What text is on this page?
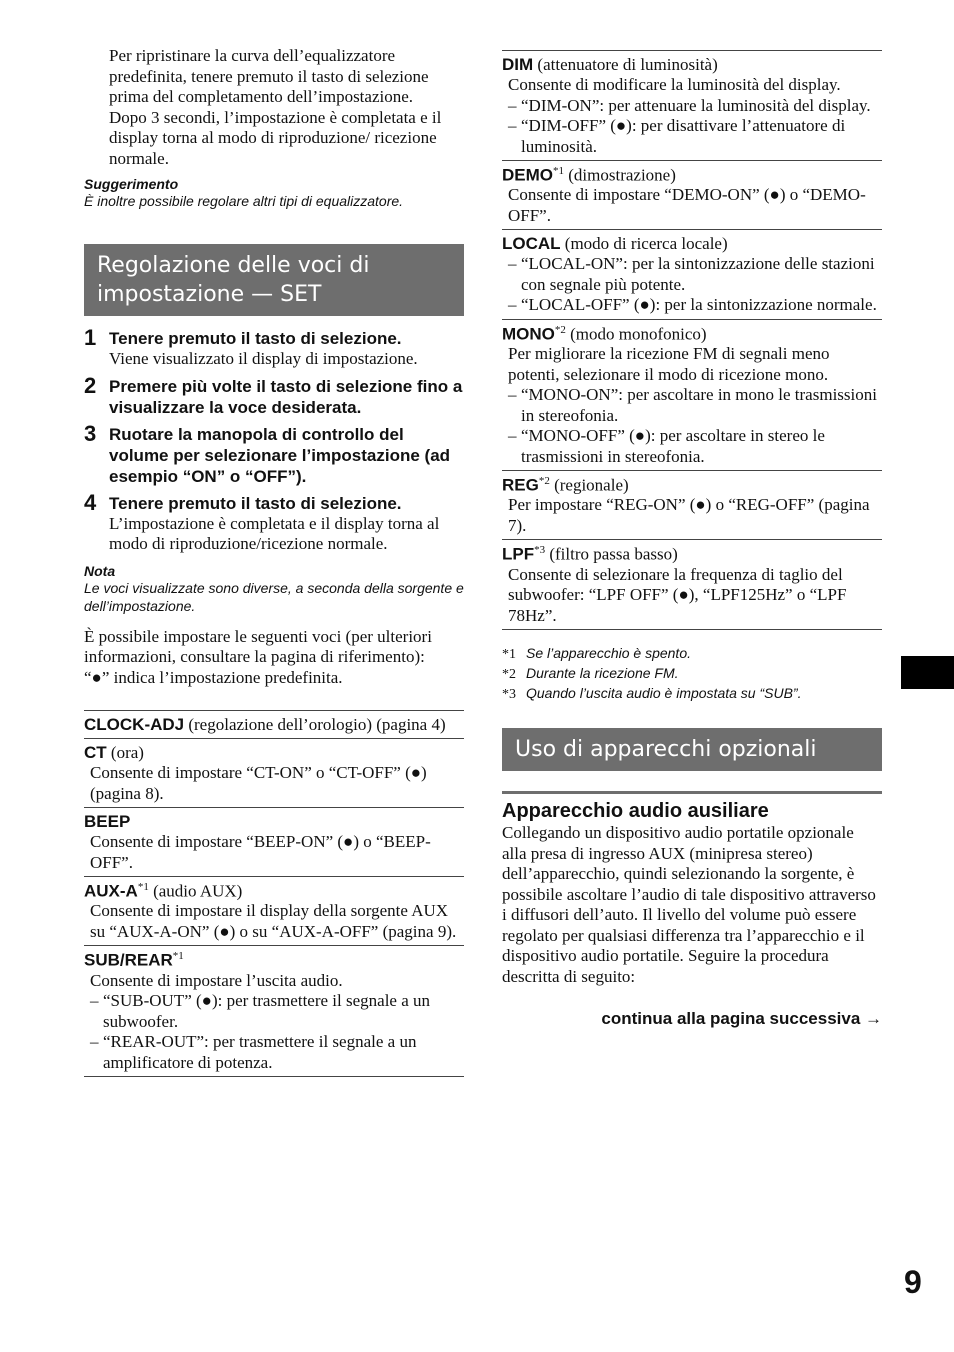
Per ripristinare la curva dell’equalizzatore predefinita, tenere premuto il tasto di selezione prima del completamento dell’impostazione.
Dopo 3 secondi, l’impostazione è completata e il display torna al modo di riproduzione/ ricezione normale.
Suggerimento
È inoltre possibile regolare altri tipi di equalizzatore.
Regolazione delle voci di impostazione — SET
1 Tenere premuto il tasto di selezione.
Viene visualizzato il display di impostazione.
2 Premere più volte il tasto di selezione fino a visualizzare la voce desiderata.
3 Ruotare la manopola di controllo del volume per selezionare l’impostazione (ad esempio “ON” o “OFF”).
4 Tenere premuto il tasto di selezione.
L’impostazione è completata e il display torna al modo di riproduzione/ricezione normale.
Nota
Le voci visualizzate sono diverse, a seconda della sorgente e dell’impostazione.
È possibile impostare le seguenti voci (per ulteriori informazioni, consultare la pagina di riferimento):
“●” indica l’impostazione predefinita.
CLOCK-ADJ (regolazione dell’orologio) (pagina 4)
CT (ora)
Consente di impostare “CT-ON” o “CT-OFF” (●) (pagina 8).
BEEP
Consente di impostare “BEEP-ON” (●) o “BEEP-OFF”.
AUX-$A^{*1}$ (audio AUX)
Consente di impostare il display della sorgente AUX su “AUX-A-ON” (●) o su “AUX-A-OFF” (pagina 9).
SUB/REAR$^{*1}$
Consente di impostare l’uscita audio.
– “SUB-OUT” (●): per trasmettere il segnale a un subwoofer.
– “REAR-OUT”: per trasmettere il segnale a un amplificatore di potenza.
DIM (attenuatore di luminosità)
Consente di modificare la luminosità del display.
– “DIM-ON”: per attenuare la luminosità del display.
– “DIM-OFF” (●): per disattivare l’attenuatore di luminosità.
DEMO$^{*1}$ (dimostrazione)
Consente di impostare “DEMO-ON” (●) o “DEMO-OFF”.
LOCAL (modo di ricerca locale)
– “LOCAL-ON”: per la sintonizzazione delle stazioni con segnale più potente.
– “LOCAL-OFF” (●): per la sintonizzazione normale.
MONO$^{*2}$ (modo monofonico)
Per migliorare la ricezione FM di segnali meno potenti, selezionare il modo di ricezione mono.
– “MONO-ON”: per ascoltare in mono le trasmissioni in stereofonia.
– “MONO-OFF” (●): per ascoltare in stereo le trasmissioni in stereofonia.
REG$^{*2}$ (regionale)
Per impostare “REG-ON” (●) o “REG-OFF” (pagina 7).
LPF$^{*3}$ (filtro passa basso)
Consente di selezionare la frequenza di taglio del subwoofer: “LPF OFF” (●), “LPF125Hz” o “LPF 78Hz”.
*1 Se l’apparecchio è spento.
*2 Durante la ricezione FM.
*3 Quando l’uscita audio è impostata su “SUB”.
Uso di apparecchi opzionali
Apparecchio audio ausiliare
Collegando un dispositivo audio portatile opzionale alla presa di ingresso AUX (minipresa stereo) dell’apparecchio, quindi selezionando la sorgente, è possibile ascoltare l’audio di tale dispositivo attraverso i diffusori dell’auto. Il livello del volume può essere regolato per qualsiasi differenza tra l’apparecchio e il dispositivo audio portatile. Seguire la procedura descritta di seguito:
continua alla pagina successiva →
9
